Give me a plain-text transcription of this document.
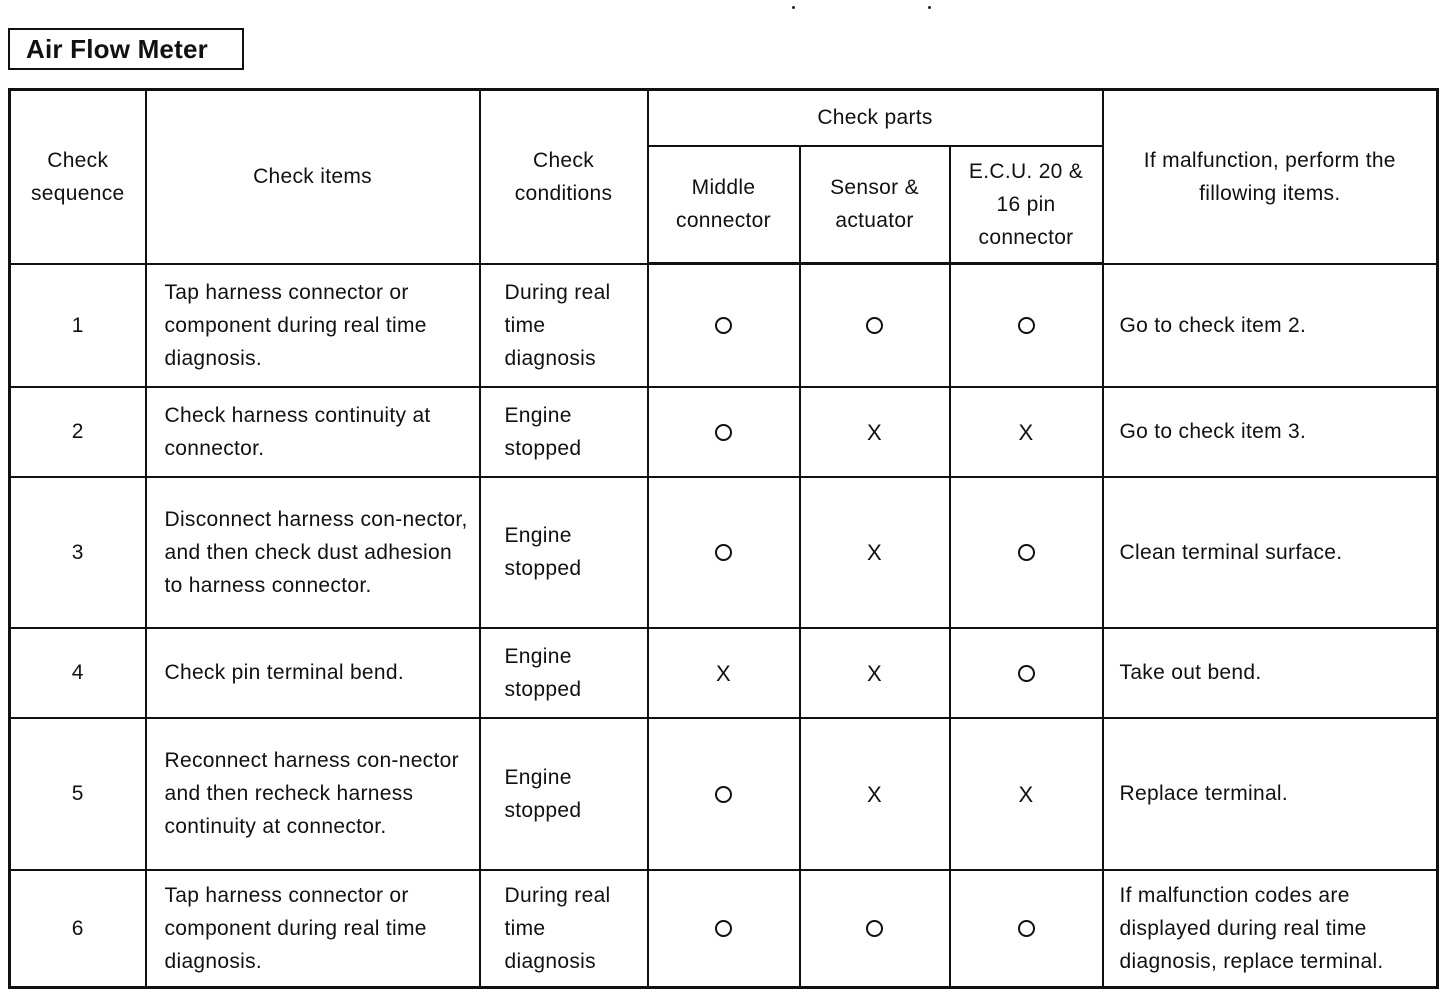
Air Flow Meter
Check sequence	Check items	Check conditions	Check parts			If malfunction, perform the fillowing items.

			Middle connector	Sensor & actuator	E.C.U. 20 & 16 pin connector	

1	Tap harness connector or component during real time diagnosis.	During real time diagnosis				Go to check item 2.
2	Check harness continuity at connector.	Engine stopped		X	X	Go to check item 3.
3	Disconnect harness con-nector, and then check dust adhesion to harness connector.	Engine stopped		X		Clean terminal surface.
4	Check pin terminal bend.	Engine stopped	X	X		Take out bend.
5	Reconnect harness con-nector and then recheck harness continuity at connector.	Engine stopped		X	X	Replace terminal.
6	Tap harness connector or component during real time diagnosis.	During real time diagnosis				If malfunction codes are displayed during real time diagnosis, replace terminal.
